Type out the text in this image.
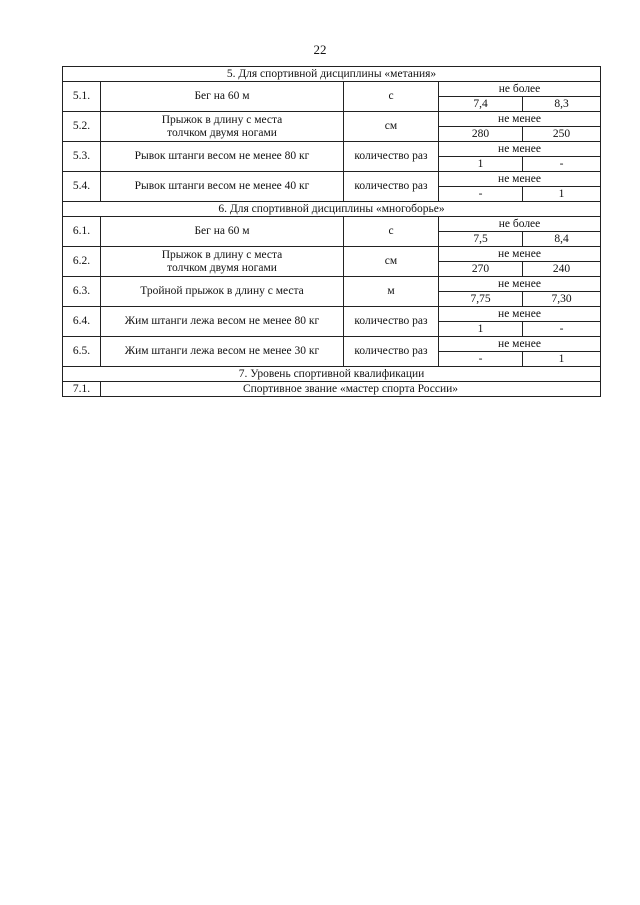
22
5. Для спортивной дисциплины «метания»				
5.1.	Бег на 60 м	с	не более	
			7,4	8,3
5.2.	Прыжок в длину с места
толчком двумя ногами	см	не менее	
			280	250
5.3.	Рывок штанги весом не менее 80 кг	количество раз	не менее	
			1	-
5.4.	Рывок штанги весом не менее 40 кг	количество раз	не менее	
			-	1
6. Для спортивной дисциплины «многоборье»				
6.1.	Бег на 60 м	с	не более	
			7,5	8,4
6.2.	Прыжок в длину с места
толчком двумя ногами	см	не менее	
			270	240
6.3.	Тройной прыжок в длину с места	м	не менее	
			7,75	7,30
6.4.	Жим штанги лежа весом не менее 80 кг	количество раз	не менее	
			1	-
6.5.	Жим штанги лежа весом не менее 30 кг	количество раз	не менее	
			-	1
7. Уровень спортивной квалификации				
7.1.	Спортивное звание «мастер спорта России»			
